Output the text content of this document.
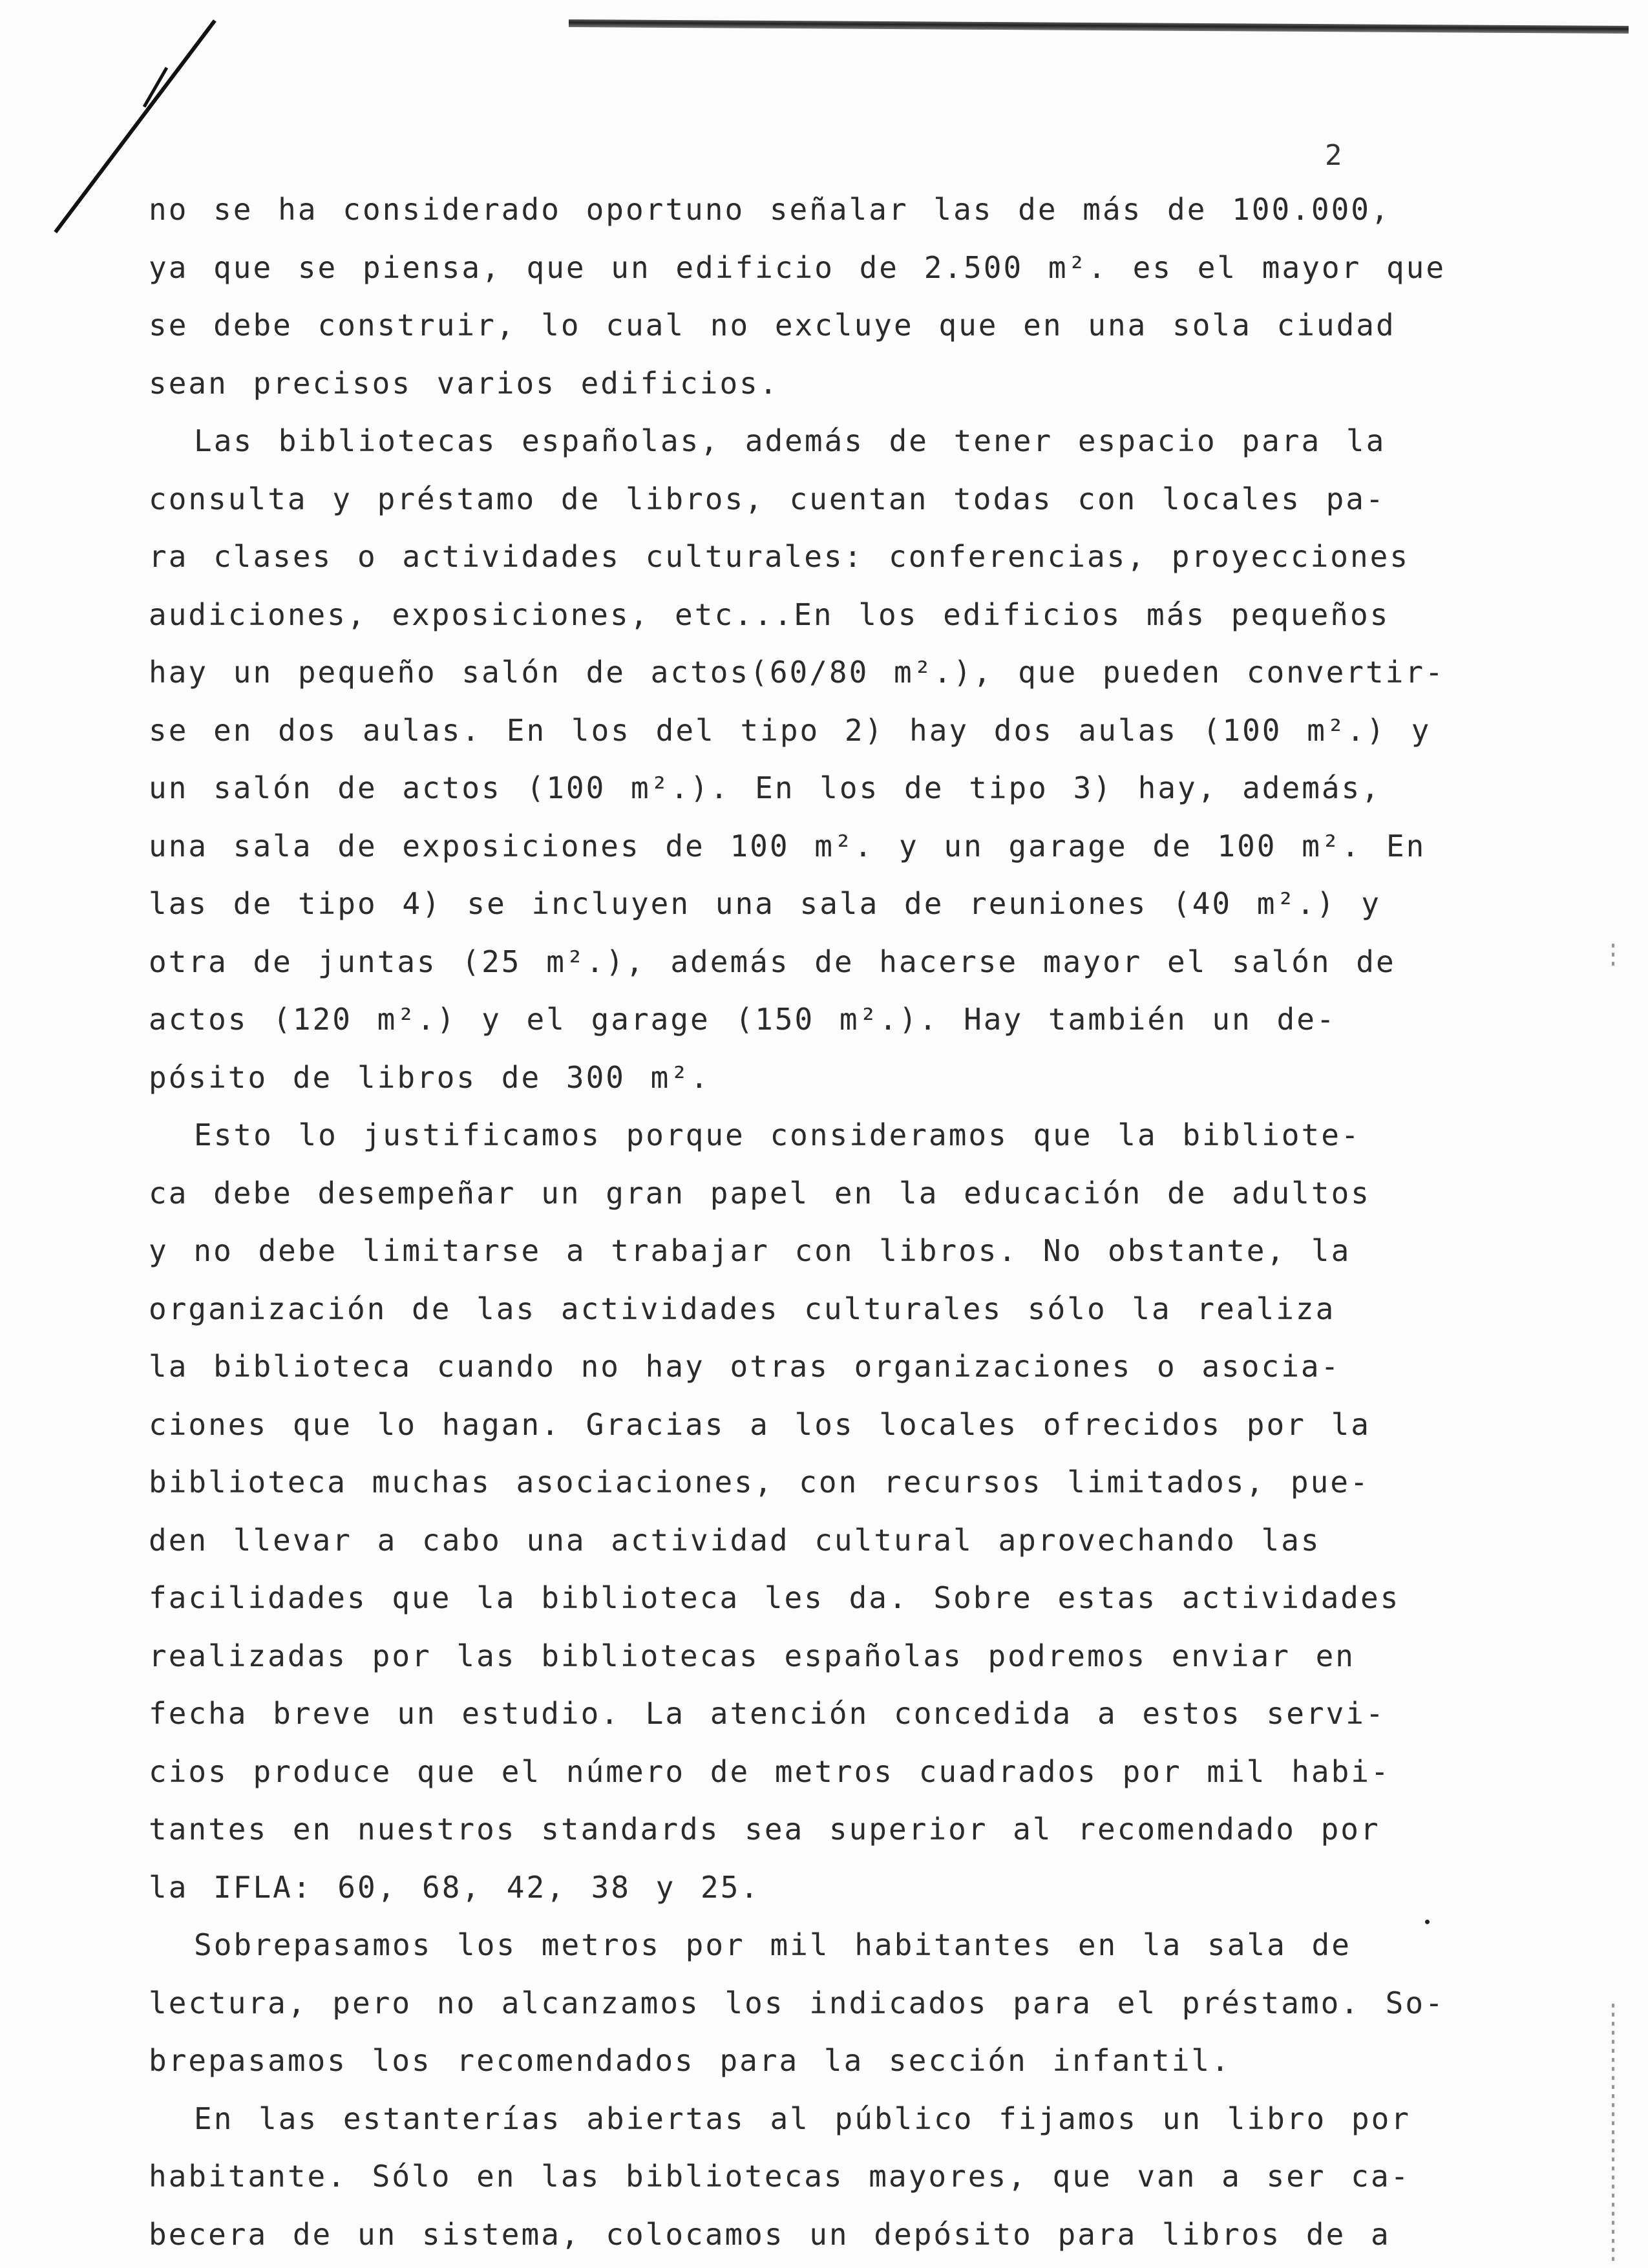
2
no se ha considerado oportuno señalar las de más de 100.000,
ya que se piensa, que un edificio de 2.500 m². es el mayor que
se debe construir, lo cual no excluye que en una sola ciudad
sean precisos varios edificios.
Las bibliotecas españolas, además de tener espacio para la
consulta y préstamo de libros, cuentan todas con locales pa-
ra clases o actividades culturales: conferencias, proyecciones
audiciones, exposiciones, etc...En los edificios más pequeños
hay un pequeño salón de actos(60/80 m².), que pueden convertir-
se en dos aulas. En los del tipo 2) hay dos aulas (100 m².) y
un salón de actos (100 m².). En los de tipo 3) hay, además,
una sala de exposiciones de 100 m². y un garage de 100 m². En
las de tipo 4) se incluyen una sala de reuniones (40 m².) y
otra de juntas (25 m².), además de hacerse mayor el salón de
actos (120 m².) y el garage (150 m².). Hay también un de-
pósito de libros de 300 m².
Esto lo justificamos porque consideramos que la bibliote-
ca debe desempeñar un gran papel en la educación de adultos
y no debe limitarse a trabajar con libros. No obstante, la
organización de las actividades culturales sólo la realiza
la biblioteca cuando no hay otras organizaciones o asocia-
ciones que lo hagan. Gracias a los locales ofrecidos por la
biblioteca muchas asociaciones, con recursos limitados, pue-
den llevar a cabo una actividad cultural aprovechando las
facilidades que la biblioteca les da. Sobre estas actividades
realizadas por las bibliotecas españolas podremos enviar en
fecha breve un estudio. La atención concedida a estos servi-
cios produce que el número de metros cuadrados por mil habi-
tantes en nuestros standards sea superior al recomendado por
la IFLA: 60, 68, 42, 38 y 25.
Sobrepasamos los metros por mil habitantes en la sala de
lectura, pero no alcanzamos los indicados para el préstamo. So-
brepasamos los recomendados para la sección infantil.
En las estanterías abiertas al público fijamos un libro por
habitante. Sólo en las bibliotecas mayores, que van a ser ca-
becera de un sistema, colocamos un depósito para libros de a
